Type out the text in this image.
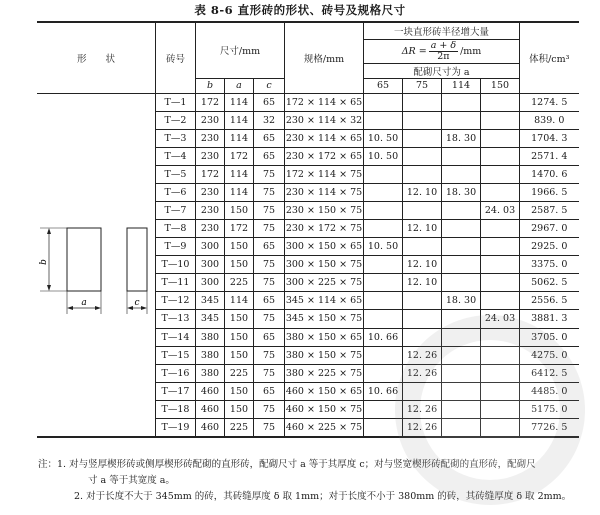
表 8-6 直形砖的形状、砖号及规格尺寸
形　　状	砖号	尺寸/mm			规格/mm	一块直形砖半径增大量				体积/cm³

						$\Delta R = \frac{a + \delta}{2\pi} /mm$				

						配砌尺寸为 a				
		b	a	c		65	75	114	150	

b
a c	T—1	172	114	65	172 × 114 × 65					1274. 5
	T—2	230	114	32	230 × 114 × 32					839. 0
	T—3	230	114	65	230 × 114 × 65	10. 50		18. 30		1704. 3
	T—4	230	172	65	230 × 172 × 65	10. 50				2571. 4
	T—5	172	114	75	172 × 114 × 75					1470. 6
	T—6	230	114	75	230 × 114 × 75		12. 10	18. 30		1966. 5
	T—7	230	150	75	230 × 150 × 75				24. 03	2587. 5
	T—8	230	172	75	230 × 172 × 75		12. 10			2967. 0
	T—9	300	150	65	300 × 150 × 65	10. 50				2925. 0
	T—10	300	150	75	300 × 150 × 75		12. 10			3375. 0
	T—11	300	225	75	300 × 225 × 75		12. 10			5062. 5
	T—12	345	114	65	345 × 114 × 65			18. 30		2556. 5
	T—13	345	150	75	345 × 150 × 75				24. 03	3881. 3
	T—14	380	150	65	380 × 150 × 65	10. 66				3705. 0
	T—15	380	150	75	380 × 150 × 75		12. 26			4275. 0
	T—16	380	225	75	380 × 225 × 75		12. 26			6412. 5
	T—17	460	150	65	460 × 150 × 65	10. 66				4485. 0
	T—18	460	150	75	460 × 150 × 75		12. 26			5175. 0
	T—19	460	225	75	460 × 225 × 75		12. 26			7726. 5
注：1. 对与竖厚楔形砖或侧厚楔形砖配砌的直形砖，配砌尺寸 a 等于其厚度 c；对与竖宽楔形砖配砌的直形砖，配砌尺
寸 a 等于其宽度 a。
2. 对于长度不大于 345mm 的砖，其砖缝厚度 δ 取 1mm；对于长度不小于 380mm 的砖，其砖缝厚度 δ 取 2mm。
